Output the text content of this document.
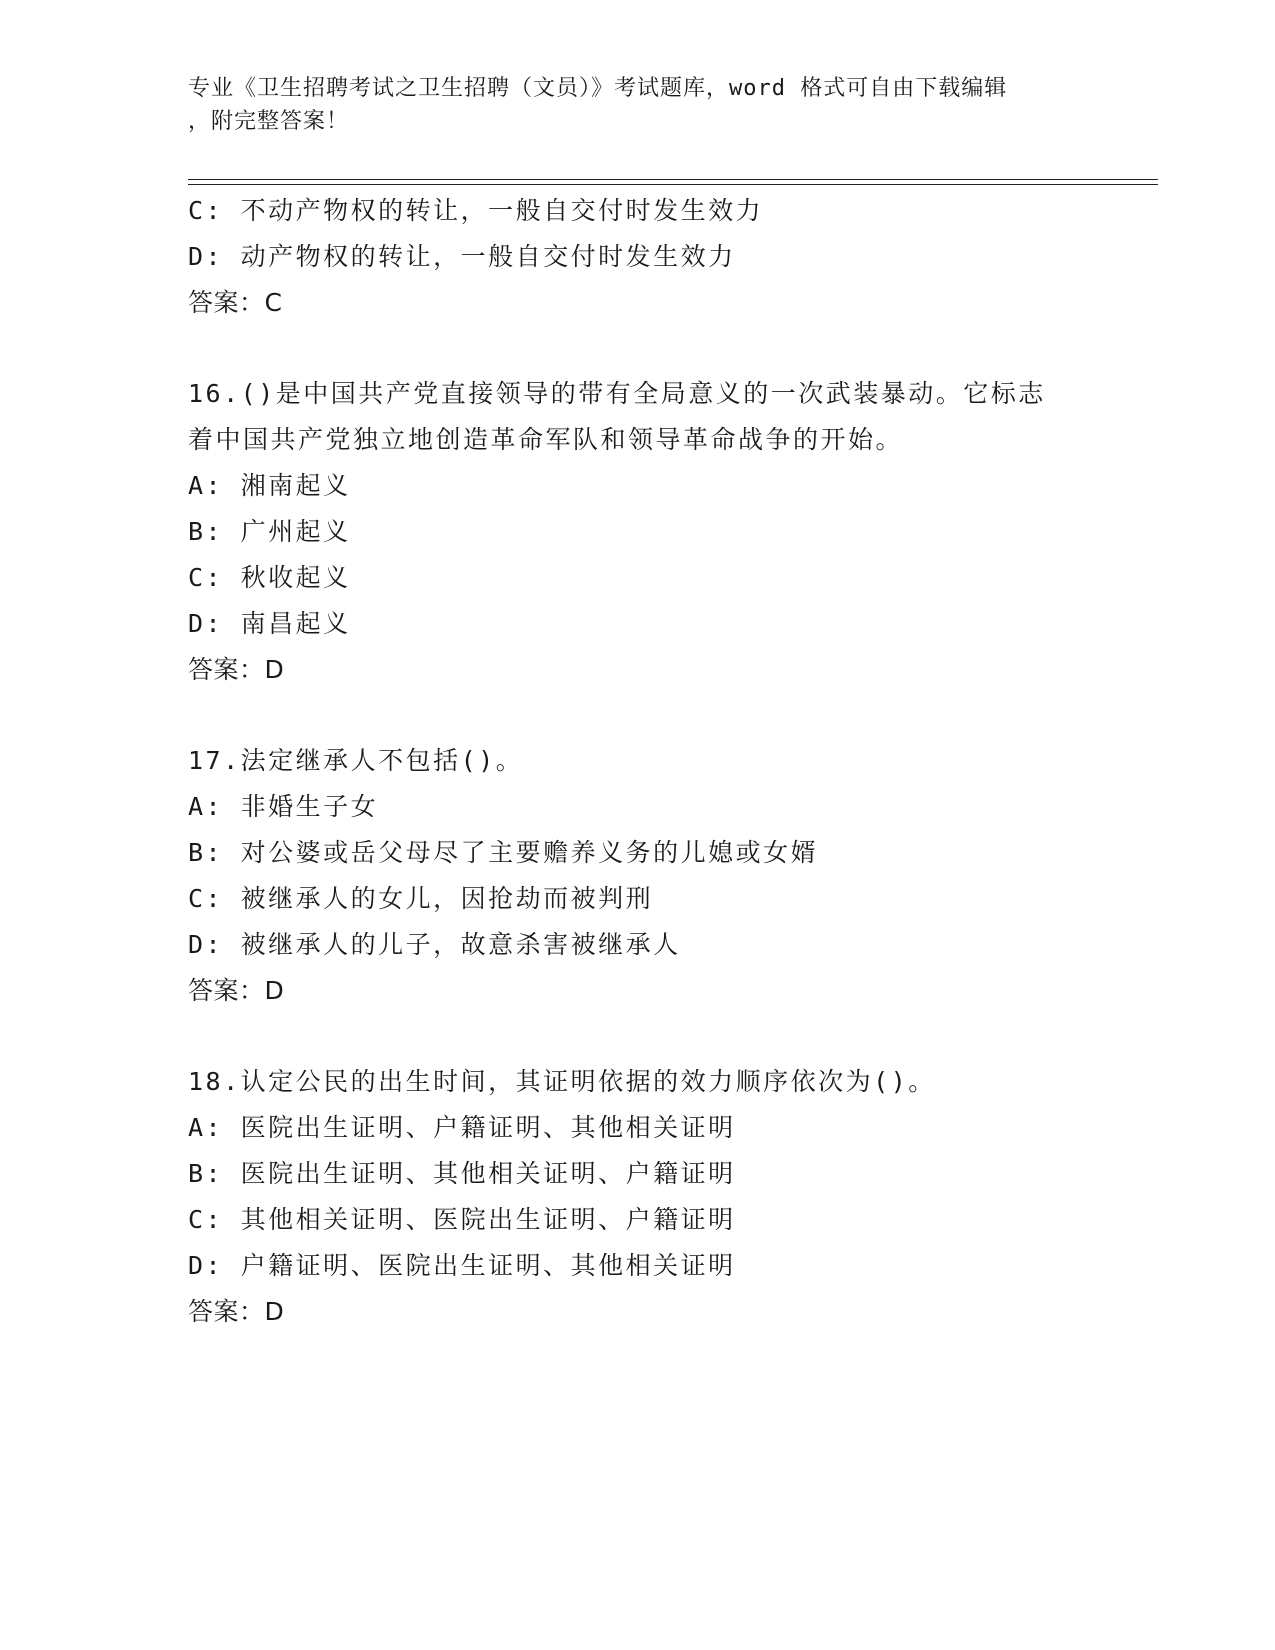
专业《卫生招聘考试之卫生招聘（文员）》考试题库，word 格式可自由下载编辑
，附完整答案！
C: 不动产物权的转让，一般自交付时发生效力
D: 动产物权的转让，一般自交付时发生效力
答案：C
16.()是中国共产党直接领导的带有全局意义的一次武装暴动。它标志
着中国共产党独立地创造革命军队和领导革命战争的开始。
A: 湘南起义
B: 广州起义
C: 秋收起义
D: 南昌起义
答案：D
17.法定继承人不包括()。
A: 非婚生子女
B: 对公婆或岳父母尽了主要赡养义务的儿媳或女婿
C: 被继承人的女儿，因抢劫而被判刑
D: 被继承人的儿子，故意杀害被继承人
答案：D
18.认定公民的出生时间，其证明依据的效力顺序依次为()。
A: 医院出生证明、户籍证明、其他相关证明
B: 医院出生证明、其他相关证明、户籍证明
C: 其他相关证明、医院出生证明、户籍证明
D: 户籍证明、医院出生证明、其他相关证明
答案：D
